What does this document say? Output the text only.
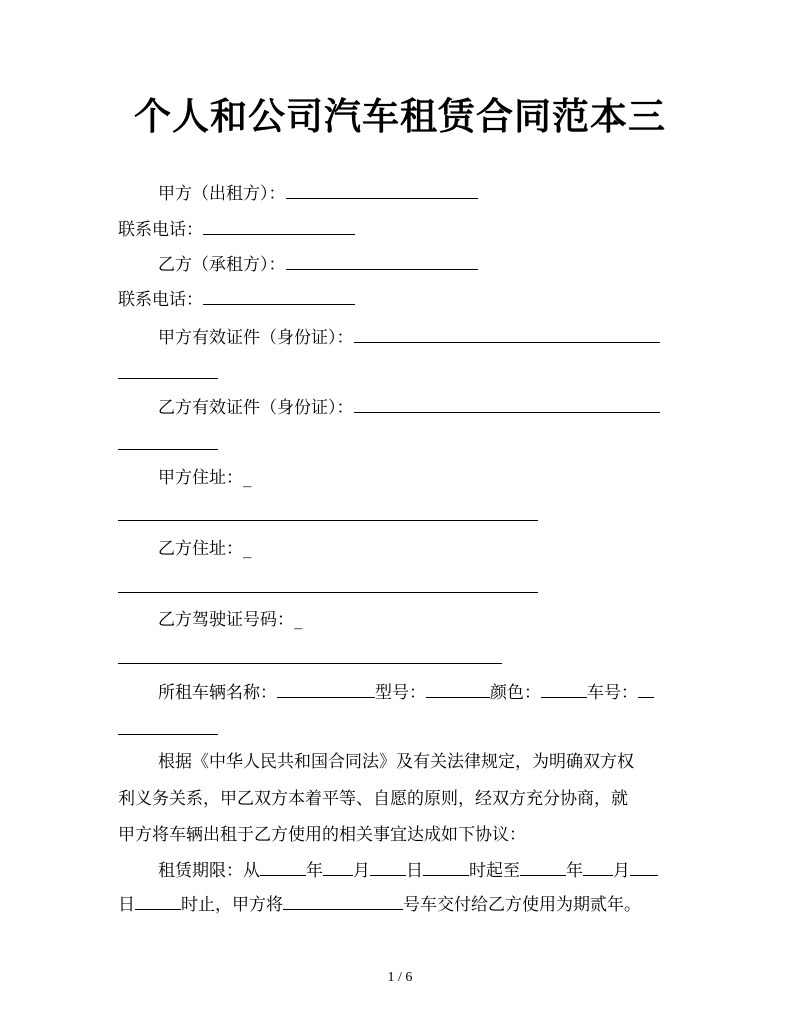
个人和公司汽车租赁合同范本三
甲方（出租方）：
联系电话：
乙方（承租方）：
联系电话：
甲方有效证件（身份证）：
乙方有效证件（身份证）：
甲方住址：_
乙方住址：_
乙方驾驶证号码：_
所租车辆名称：	型号：	颜色：	车号：
根据《中华人民共和国合同法》及有关法律规定，为明确双方权
利义务关系，甲乙双方本着平等、自愿的原则，经双方充分协商，就
甲方将车辆出租于乙方使用的相关事宜达成如下协议：
租赁期限：从	年 月 日	时起至	年 月
日	时止，甲方将	号车交付给乙方使用为期贰年。
1 / 6
